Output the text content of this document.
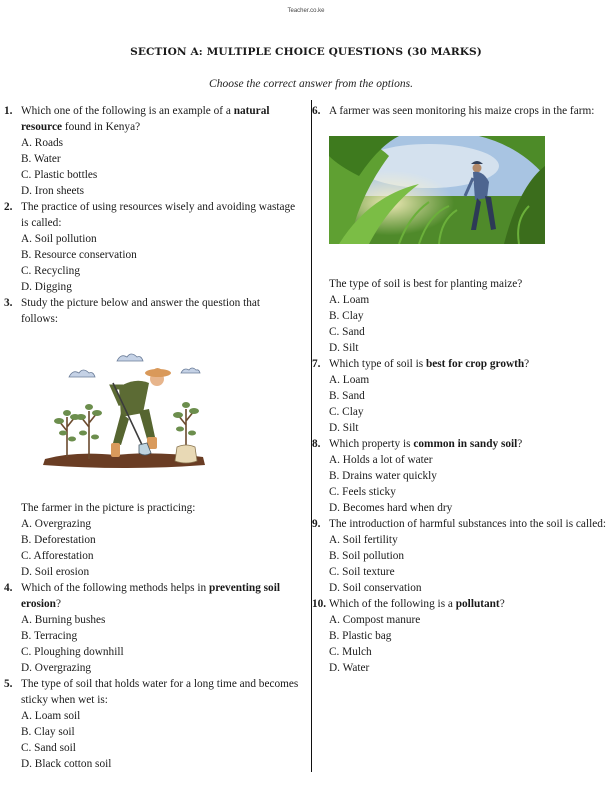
Teacher.co.ke
SECTION A: MULTIPLE CHOICE QUESTIONS (30 MARKS)
Choose the correct answer from the options.
1. Which one of the following is an example of a natural resource found in Kenya?
A. Roads
B. Water
C. Plastic bottles
D. Iron sheets
2. The practice of using resources wisely and avoiding wastage is called:
A. Soil pollution
B. Resource conservation
C. Recycling
D. Digging
3. Study the picture below and answer the question that follows:
The farmer in the picture is practicing:
A. Overgrazing
B. Deforestation
C. Afforestation
D. Soil erosion
4. Which of the following methods helps in preventing soil erosion?
A. Burning bushes
B. Terracing
C. Ploughing downhill
D. Overgrazing
5. The type of soil that holds water for a long time and becomes sticky when wet is:
A. Loam soil
B. Clay soil
C. Sand soil
D. Black cotton soil
6. A farmer was seen monitoring his maize crops in the farm:
The type of soil is best for planting maize?
A. Loam
B. Clay
C. Sand
D. Silt
7. Which type of soil is best for crop growth?
A. Loam
B. Sand
C. Clay
D. Silt
8. Which property is common in sandy soil?
A. Holds a lot of water
B. Drains water quickly
C. Feels sticky
D. Becomes hard when dry
9. The introduction of harmful substances into the soil is called:
A. Soil fertility
B. Soil pollution
C. Soil texture
D. Soil conservation
10. Which of the following is a pollutant?
A. Compost manure
B. Plastic bag
C. Mulch
D. Water
